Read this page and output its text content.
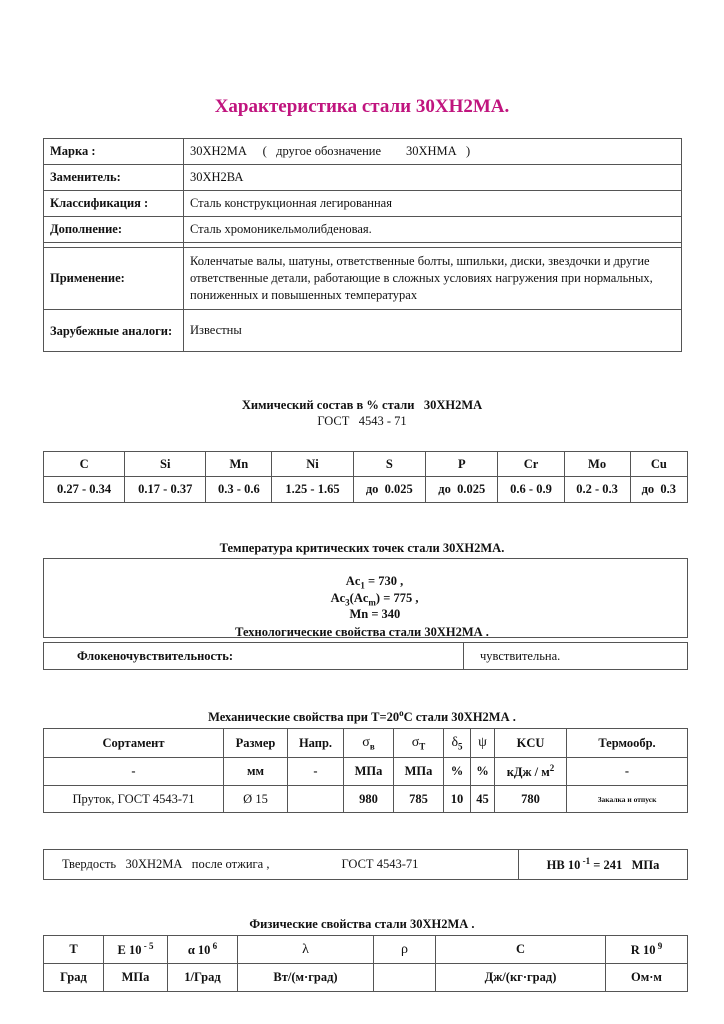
Характеристика стали 30ХН2МА.
Марка :	30ХН2МА     (   другое обозначение        30ХНМА   )
Заменитель:	30ХН2ВА
Классификация :	Сталь конструкционная легированная
Дополнение:	Сталь хромоникельмолибденовая.

Применение:	Коленчатые валы, шатуны, ответственные болты, шпильки, диски, звездочки и другие ответственные детали, работающие в сложных условиях нагружения при нормальных, пониженных и повышенных температурах
Зарубежные аналоги:	Известны
Химический состав в % стали   30ХН2МА
ГОСТ   4543 - 71
C	Si	Mn	Ni	S	P	Cr	Mo	Cu
0.27 - 0.34	0.17 - 0.37	0.3 - 0.6	1.25 - 1.65	до  0.025	до  0.025	0.6 - 0.9	0.2 - 0.3	до  0.3
Температура критических точек стали 30ХН2МА.

$Ac_1 = 730$ ,
$Ac_3(Ac_m) = 775$ ,
Mn = 340

Технологические свойства стали 30ХН2МА .
Флокеночувствительность:	чувствительна.
Механические свойства при $Т=20^oС$ стали 30ХН2МА .
Сортамент	Размер	Напр.	$\sigma_в$	$\sigma_T$	$\delta_5$	ψ	KCU	Термообр.
-	мм	-	МПа	МПа	%	%	кДж / $м^2$	-
Пруток, ГОСТ 4543-71	Ø 15		980	785	10	45	780	Закалка и отпуск
Твердость   30ХН2МА   после отжига ,	ГОСТ 4543-71	HB 10 $^{-1}$ = 241   МПа
Физические свойства стали 30ХН2МА .
T	E 10 $^{- 5}$	α 10 $^6$	λ	ρ	C	R 10 $^9$
Град	МПа	1/Град	Вт/(м·град)		Дж/(кг·град)	Ом·м
